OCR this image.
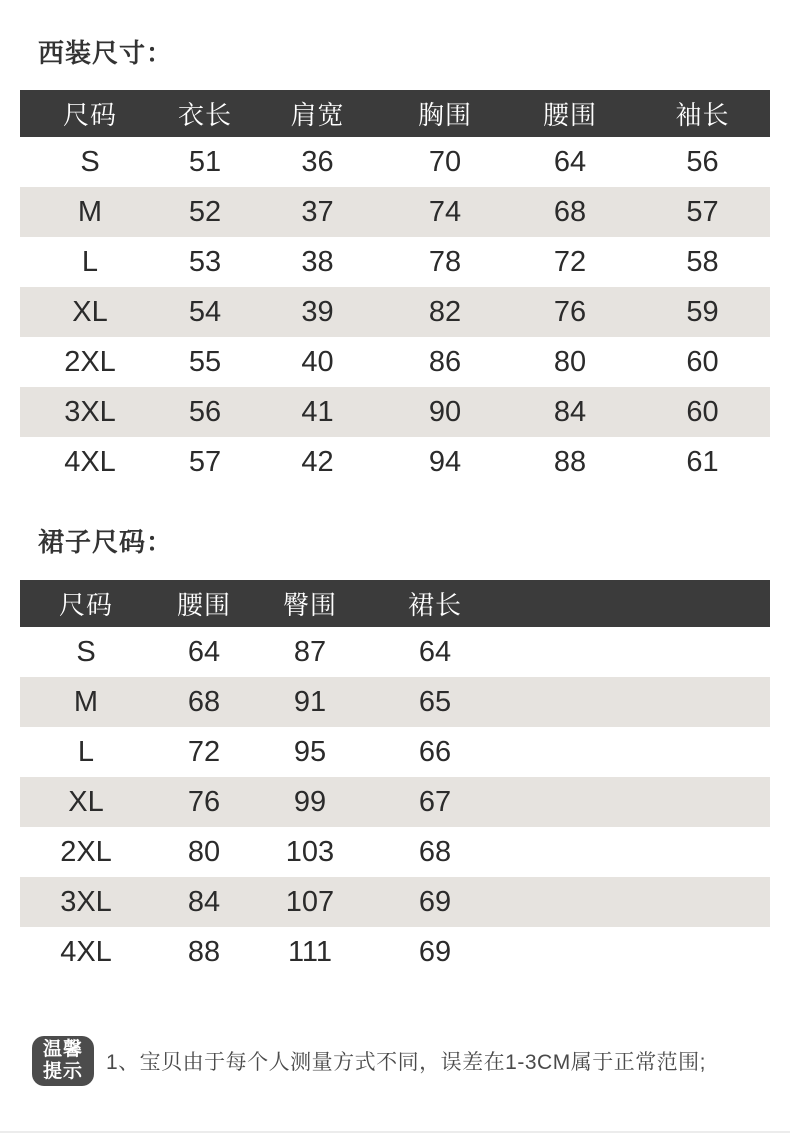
西装尺寸：
尺码	衣长	肩宽	胸围	腰围	袖长
S	51	36	70	64	56
M	52	37	74	68	57
L	53	38	78	72	58
XL	54	39	82	76	59
2XL	55	40	86	80	60
3XL	56	41	90	84	60
4XL	57	42	94	88	61
裙子尺码：
尺码	腰围	臀围	裙长	
S	64	87	64	
M	68	91	65	
L	72	95	66	
XL	76	99	67	
2XL	80	103	68	
3XL	84	107	69	
4XL	88	111	69	
温馨
提示 1、宝贝由于每个人测量方式不同，误差在1-3CM属于正常范围;
